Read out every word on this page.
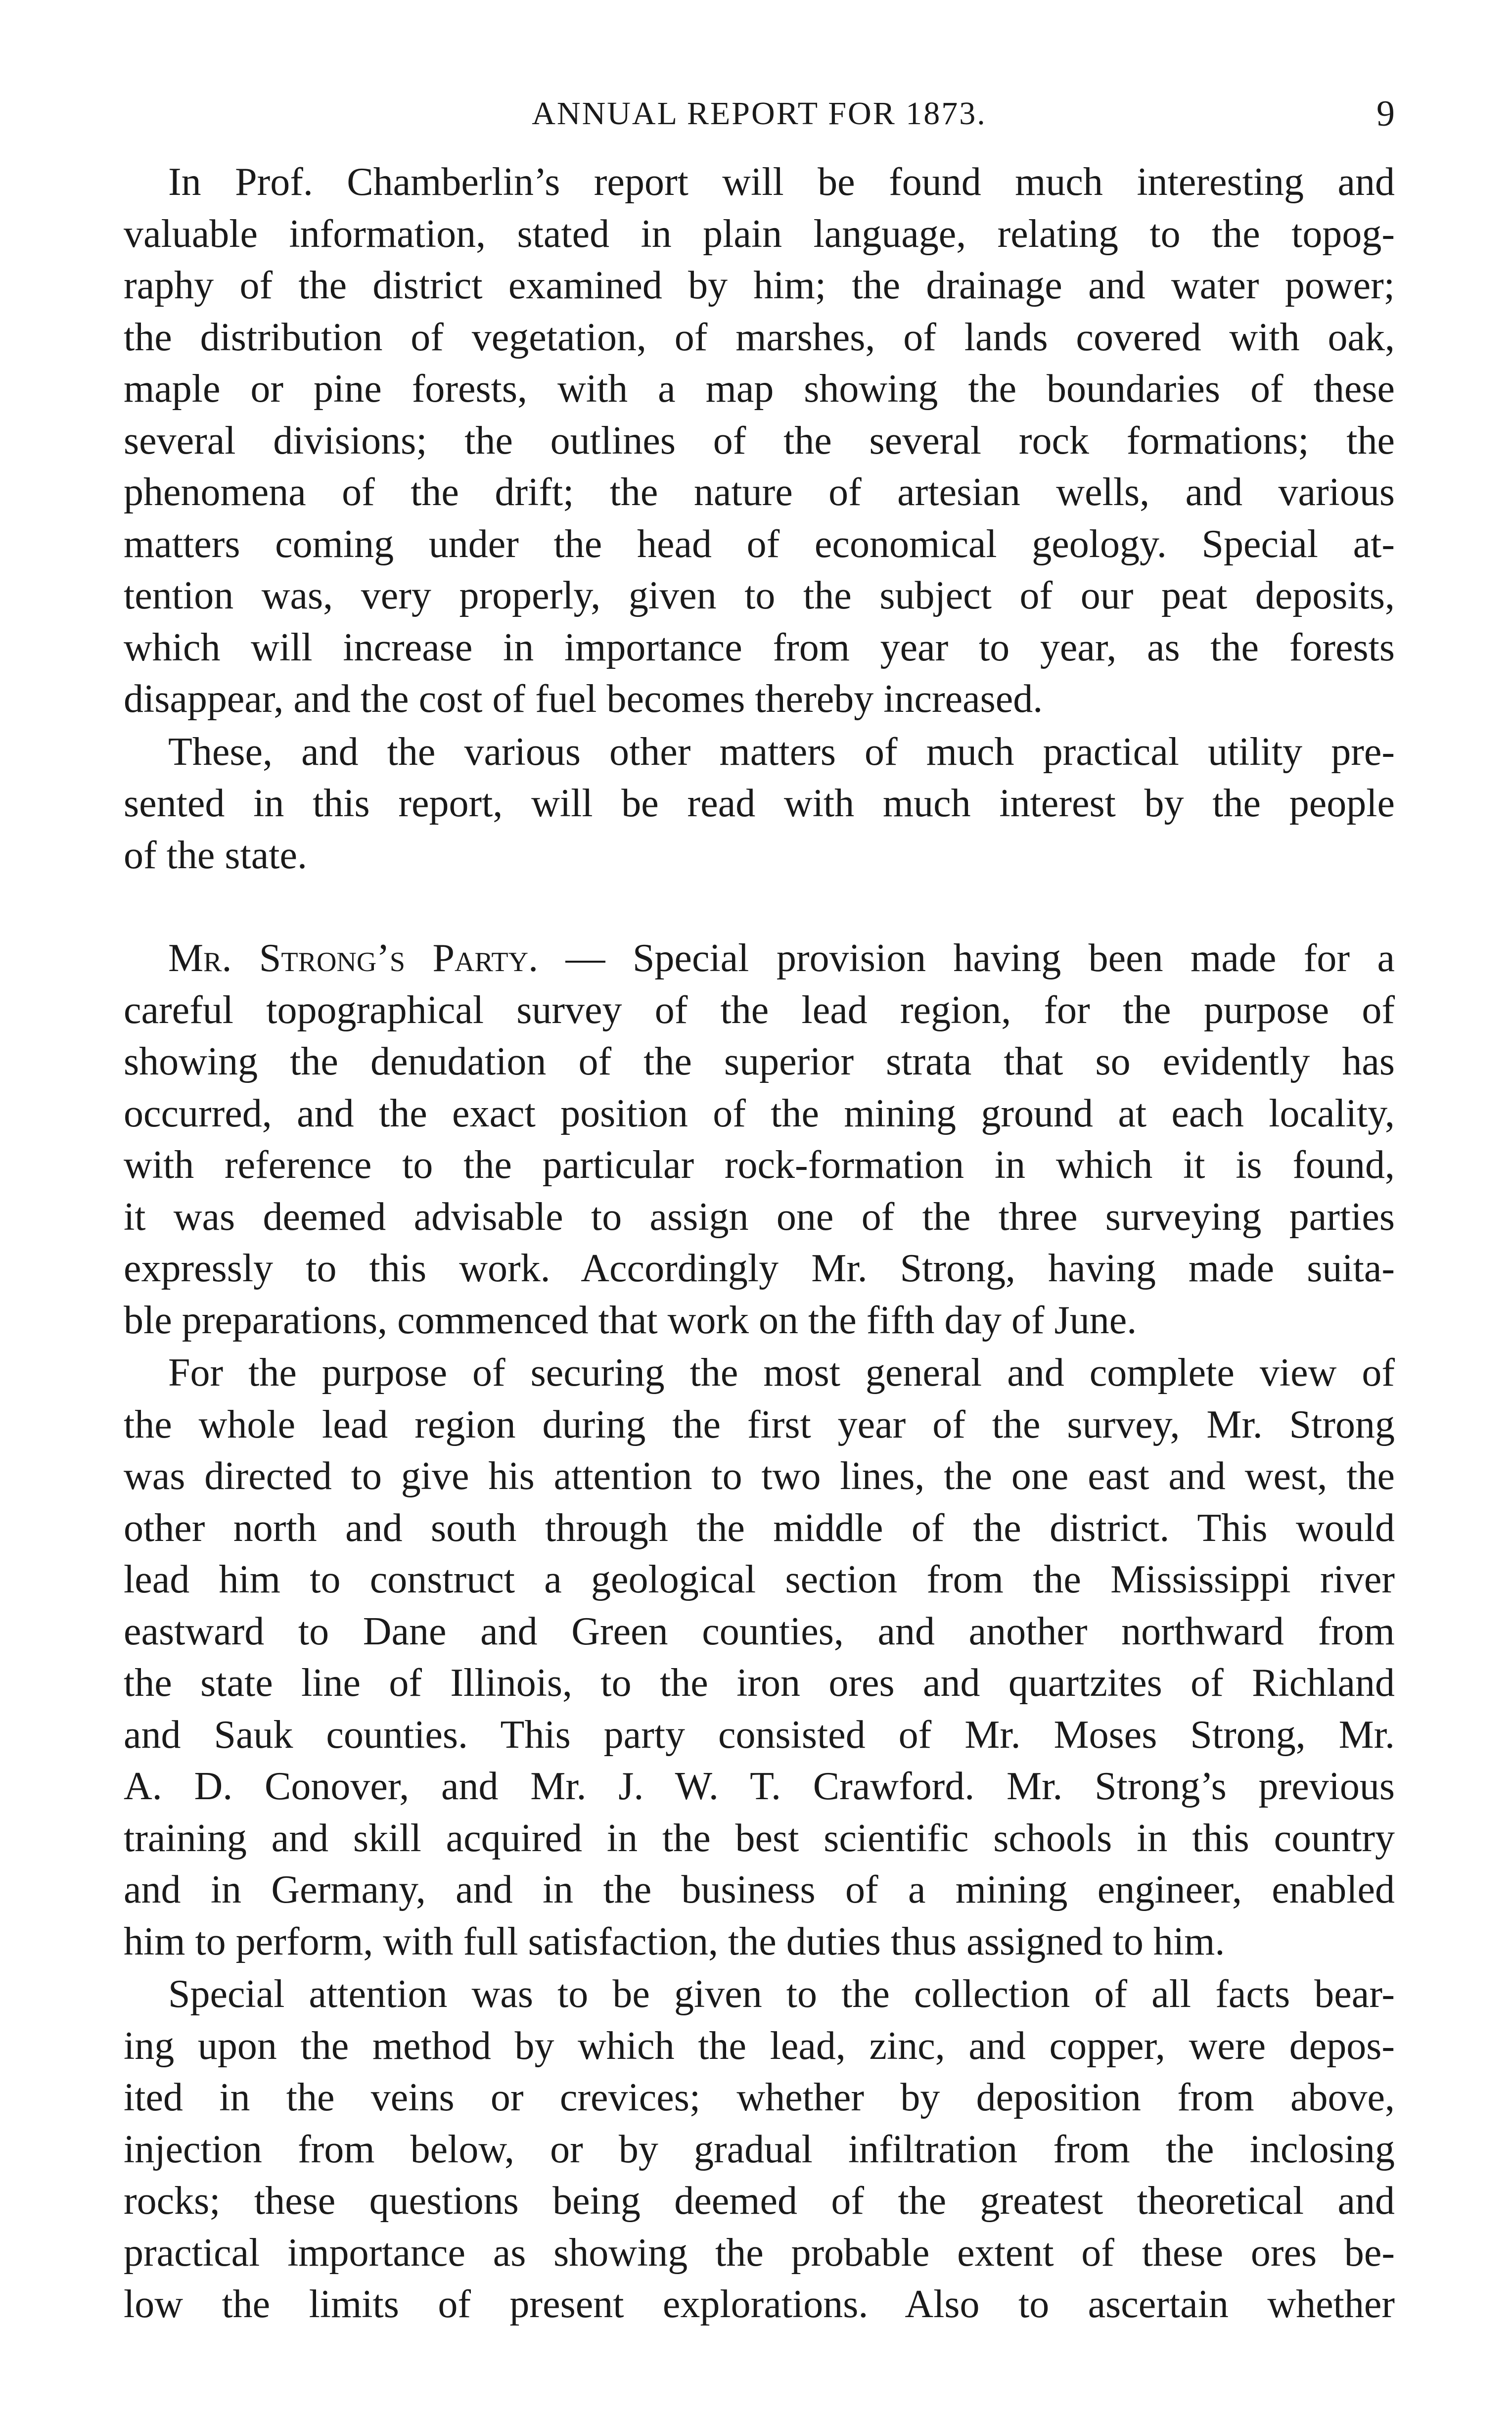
ANNUAL REPORT FOR 1873.	9

In Prof. Chamberlin’s report will be found much interesting and
valuable information, stated in plain language, relating to the topog-
raphy of the district examined by him; the drainage and water power;
the distribution of vegetation, of marshes, of lands covered with oak,
maple or pine forests, with a map showing the boundaries of these
several divisions; the outlines of the several rock formations; the
phenomena of the drift; the nature of artesian wells, and various
matters coming under the head of economical geology. Special at-
tention was, very properly, given to the subject of our peat deposits,
which will increase in importance from year to year, as the forests
disappear, and the cost of fuel becomes thereby increased.

These, and the various other matters of much practical utility pre-
sented in this report, will be read with much interest by the people
of the state.

Mr. Strong’s Party. — Special provision having been made for a
careful topographical survey of the lead region, for the purpose of
showing the denudation of the superior strata that so evidently has
occurred, and the exact position of the mining ground at each locality,
with reference to the particular rock-formation in which it is found,
it was deemed advisable to assign one of the three surveying parties
expressly to this work. Accordingly Mr. Strong, having made suita-
ble preparations, commenced that work on the fifth day of June.

For the purpose of securing the most general and complete view of
the whole lead region during the first year of the survey, Mr. Strong
was directed to give his attention to two lines, the one east and west, the
other north and south through the middle of the district. This would
lead him to construct a geological section from the Mississippi river
eastward to Dane and Green counties, and another northward from
the state line of Illinois, to the iron ores and quartzites of Richland
and Sauk counties. This party consisted of Mr. Moses Strong, Mr.
A. D. Conover, and Mr. J. W. T. Crawford. Mr. Strong’s previous
training and skill acquired in the best scientific schools in this country
and in Germany, and in the business of a mining engineer, enabled
him to perform, with full satisfaction, the duties thus assigned to him.

Special attention was to be given to the collection of all facts bear-
ing upon the method by which the lead, zinc, and copper, were depos-
ited in the veins or crevices; whether by deposition from above,
injection from below, or by gradual infiltration from the inclosing
rocks; these questions being deemed of the greatest theoretical and
practical importance as showing the probable extent of these ores be-
low the limits of present explorations. Also to ascertain whether
